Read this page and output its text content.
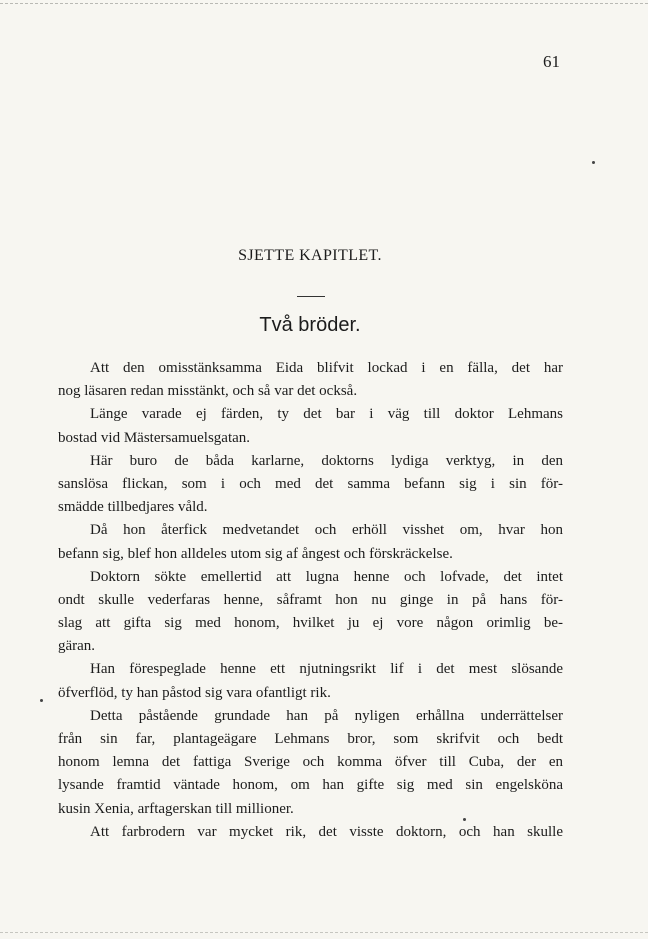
61
SJETTE KAPITLET.
Två bröder.
Att den omisstänksamma Eida blifvit lockad i en fälla, det har
nog läsaren redan misstänkt, och så var det också.
Länge varade ej färden, ty det bar i väg till doktor Lehmans
bostad vid Mästersamuelsgatan.
Här buro de båda karlarne, doktorns lydiga verktyg, in den
sanslösa flickan, som i och med det samma befann sig i sin för-
smädde tillbedjares våld.
Då hon återfick medvetandet och erhöll visshet om, hvar hon
befann sig, blef hon alldeles utom sig af ångest och förskräckelse.
Doktorn sökte emellertid att lugna henne och lofvade, det intet
ondt skulle vederfaras henne, såframt hon nu ginge in på hans för-
slag att gifta sig med honom, hvilket ju ej vore någon orimlig be-
gäran.
Han förespeglade henne ett njutningsrikt lif i det mest slösande
öfverflöd, ty han påstod sig vara ofantligt rik.
Detta påstående grundade han på nyligen erhållna underrättelser
från sin far, plantageägare Lehmans bror, som skrifvit och bedt
honom lemna det fattiga Sverige och komma öfver till Cuba, der en
lysande framtid väntade honom, om han gifte sig med sin engelsköna
kusin Xenia, arftagerskan till millioner.
Att farbrodern var mycket rik, det visste doktorn, och han skulle
